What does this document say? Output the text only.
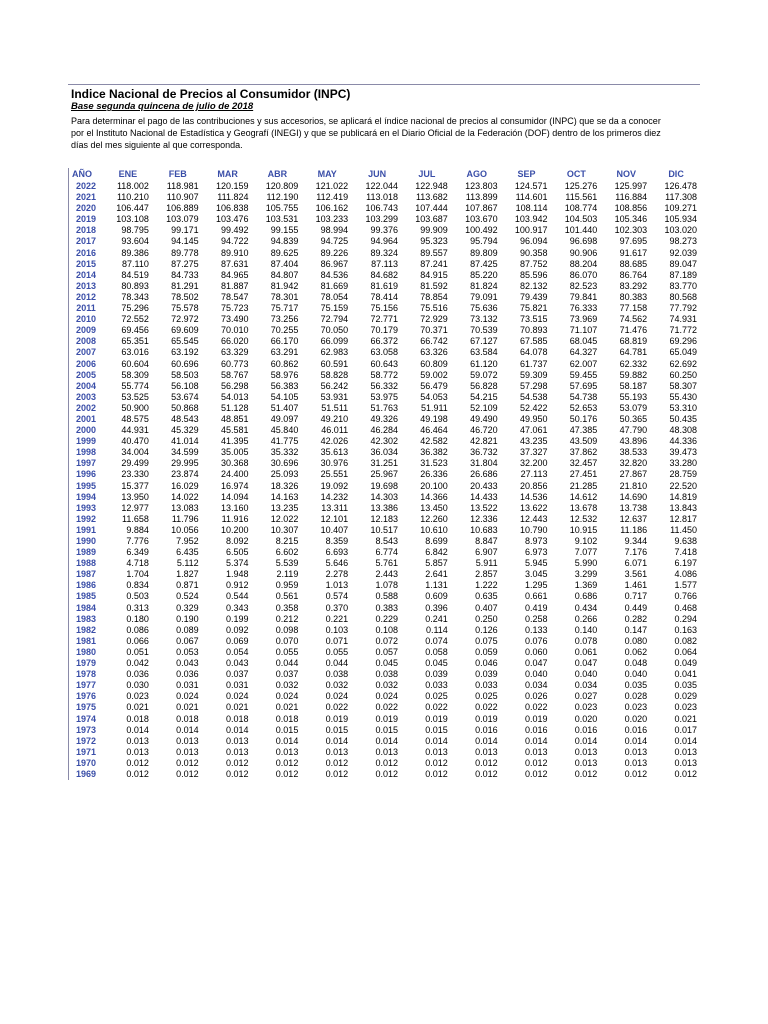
Indice Nacional de Precios al Consumidor (INPC)

Base segunda quincena de julio de 2018

Para determinar el pago de las contribuciones y sus accesorios, se aplicará el índice nacional de precios al consumidor (INPC) que se da a conocer por el Instituto Nacional de Estadística y Geografí (INEGI) y que se publicará en el Diario Oficial de la Federación (DOF) dentro de los primeros diez días del mes siguiente al que corresponda.

AÑO	ENE	FEB	MAR	ABR	MAY	JUN	JUL	AGO	SEP	OCT	NOV	DIC
2022	118.002	118.981	120.159	120.809	121.022	122.044	122.948	123.803	124.571	125.276	125.997	126.478
2021	110.210	110.907	111.824	112.190	112.419	113.018	113.682	113.899	114.601	115.561	116.884	117.308
2020	106.447	106.889	106.838	105.755	106.162	106.743	107.444	107.867	108.114	108.774	108.856	109.271
2019	103.108	103.079	103.476	103.531	103.233	103.299	103.687	103.670	103.942	104.503	105.346	105.934
2018	98.795	99.171	99.492	99.155	98.994	99.376	99.909	100.492	100.917	101.440	102.303	103.020
2017	93.604	94.145	94.722	94.839	94.725	94.964	95.323	95.794	96.094	96.698	97.695	98.273
2016	89.386	89.778	89.910	89.625	89.226	89.324	89.557	89.809	90.358	90.906	91.617	92.039
2015	87.110	87.275	87.631	87.404	86.967	87.113	87.241	87.425	87.752	88.204	88.685	89.047
2014	84.519	84.733	84.965	84.807	84.536	84.682	84.915	85.220	85.596	86.070	86.764	87.189
2013	80.893	81.291	81.887	81.942	81.669	81.619	81.592	81.824	82.132	82.523	83.292	83.770
2012	78.343	78.502	78.547	78.301	78.054	78.414	78.854	79.091	79.439	79.841	80.383	80.568
2011	75.296	75.578	75.723	75.717	75.159	75.156	75.516	75.636	75.821	76.333	77.158	77.792
2010	72.552	72.972	73.490	73.256	72.794	72.771	72.929	73.132	73.515	73.969	74.562	74.931
2009	69.456	69.609	70.010	70.255	70.050	70.179	70.371	70.539	70.893	71.107	71.476	71.772
2008	65.351	65.545	66.020	66.170	66.099	66.372	66.742	67.127	67.585	68.045	68.819	69.296
2007	63.016	63.192	63.329	63.291	62.983	63.058	63.326	63.584	64.078	64.327	64.781	65.049
2006	60.604	60.696	60.773	60.862	60.591	60.643	60.809	61.120	61.737	62.007	62.332	62.692
2005	58.309	58.503	58.767	58.976	58.828	58.772	59.002	59.072	59.309	59.455	59.882	60.250
2004	55.774	56.108	56.298	56.383	56.242	56.332	56.479	56.828	57.298	57.695	58.187	58.307
2003	53.525	53.674	54.013	54.105	53.931	53.975	54.053	54.215	54.538	54.738	55.193	55.430
2002	50.900	50.868	51.128	51.407	51.511	51.763	51.911	52.109	52.422	52.653	53.079	53.310
2001	48.575	48.543	48.851	49.097	49.210	49.326	49.198	49.490	49.950	50.176	50.365	50.435
2000	44.931	45.329	45.581	45.840	46.011	46.284	46.464	46.720	47.061	47.385	47.790	48.308
1999	40.470	41.014	41.395	41.775	42.026	42.302	42.582	42.821	43.235	43.509	43.896	44.336
1998	34.004	34.599	35.005	35.332	35.613	36.034	36.382	36.732	37.327	37.862	38.533	39.473
1997	29.499	29.995	30.368	30.696	30.976	31.251	31.523	31.804	32.200	32.457	32.820	33.280
1996	23.330	23.874	24.400	25.093	25.551	25.967	26.336	26.686	27.113	27.451	27.867	28.759
1995	15.377	16.029	16.974	18.326	19.092	19.698	20.100	20.433	20.856	21.285	21.810	22.520
1994	13.950	14.022	14.094	14.163	14.232	14.303	14.366	14.433	14.536	14.612	14.690	14.819
1993	12.977	13.083	13.160	13.235	13.311	13.386	13.450	13.522	13.622	13.678	13.738	13.843
1992	11.658	11.796	11.916	12.022	12.101	12.183	12.260	12.336	12.443	12.532	12.637	12.817
1991	9.884	10.056	10.200	10.307	10.407	10.517	10.610	10.683	10.790	10.915	11.186	11.450
1990	7.776	7.952	8.092	8.215	8.359	8.543	8.699	8.847	8.973	9.102	9.344	9.638
1989	6.349	6.435	6.505	6.602	6.693	6.774	6.842	6.907	6.973	7.077	7.176	7.418
1988	4.718	5.112	5.374	5.539	5.646	5.761	5.857	5.911	5.945	5.990	6.071	6.197
1987	1.704	1.827	1.948	2.119	2.278	2.443	2.641	2.857	3.045	3.299	3.561	4.086
1986	0.834	0.871	0.912	0.959	1.013	1.078	1.131	1.222	1.295	1.369	1.461	1.577
1985	0.503	0.524	0.544	0.561	0.574	0.588	0.609	0.635	0.661	0.686	0.717	0.766
1984	0.313	0.329	0.343	0.358	0.370	0.383	0.396	0.407	0.419	0.434	0.449	0.468
1983	0.180	0.190	0.199	0.212	0.221	0.229	0.241	0.250	0.258	0.266	0.282	0.294
1982	0.086	0.089	0.092	0.098	0.103	0.108	0.114	0.126	0.133	0.140	0.147	0.163
1981	0.066	0.067	0.069	0.070	0.071	0.072	0.074	0.075	0.076	0.078	0.080	0.082
1980	0.051	0.053	0.054	0.055	0.055	0.057	0.058	0.059	0.060	0.061	0.062	0.064
1979	0.042	0.043	0.043	0.044	0.044	0.045	0.045	0.046	0.047	0.047	0.048	0.049
1978	0.036	0.036	0.037	0.037	0.038	0.038	0.039	0.039	0.040	0.040	0.040	0.041
1977	0.030	0.031	0.031	0.032	0.032	0.032	0.033	0.033	0.034	0.034	0.035	0.035
1976	0.023	0.024	0.024	0.024	0.024	0.024	0.025	0.025	0.026	0.027	0.028	0.029
1975	0.021	0.021	0.021	0.021	0.022	0.022	0.022	0.022	0.022	0.023	0.023	0.023
1974	0.018	0.018	0.018	0.018	0.019	0.019	0.019	0.019	0.019	0.020	0.020	0.021
1973	0.014	0.014	0.014	0.015	0.015	0.015	0.015	0.016	0.016	0.016	0.016	0.017
1972	0.013	0.013	0.013	0.014	0.014	0.014	0.014	0.014	0.014	0.014	0.014	0.014
1971	0.013	0.013	0.013	0.013	0.013	0.013	0.013	0.013	0.013	0.013	0.013	0.013
1970	0.012	0.012	0.012	0.012	0.012	0.012	0.012	0.012	0.012	0.013	0.013	0.013
1969	0.012	0.012	0.012	0.012	0.012	0.012	0.012	0.012	0.012	0.012	0.012	0.012
